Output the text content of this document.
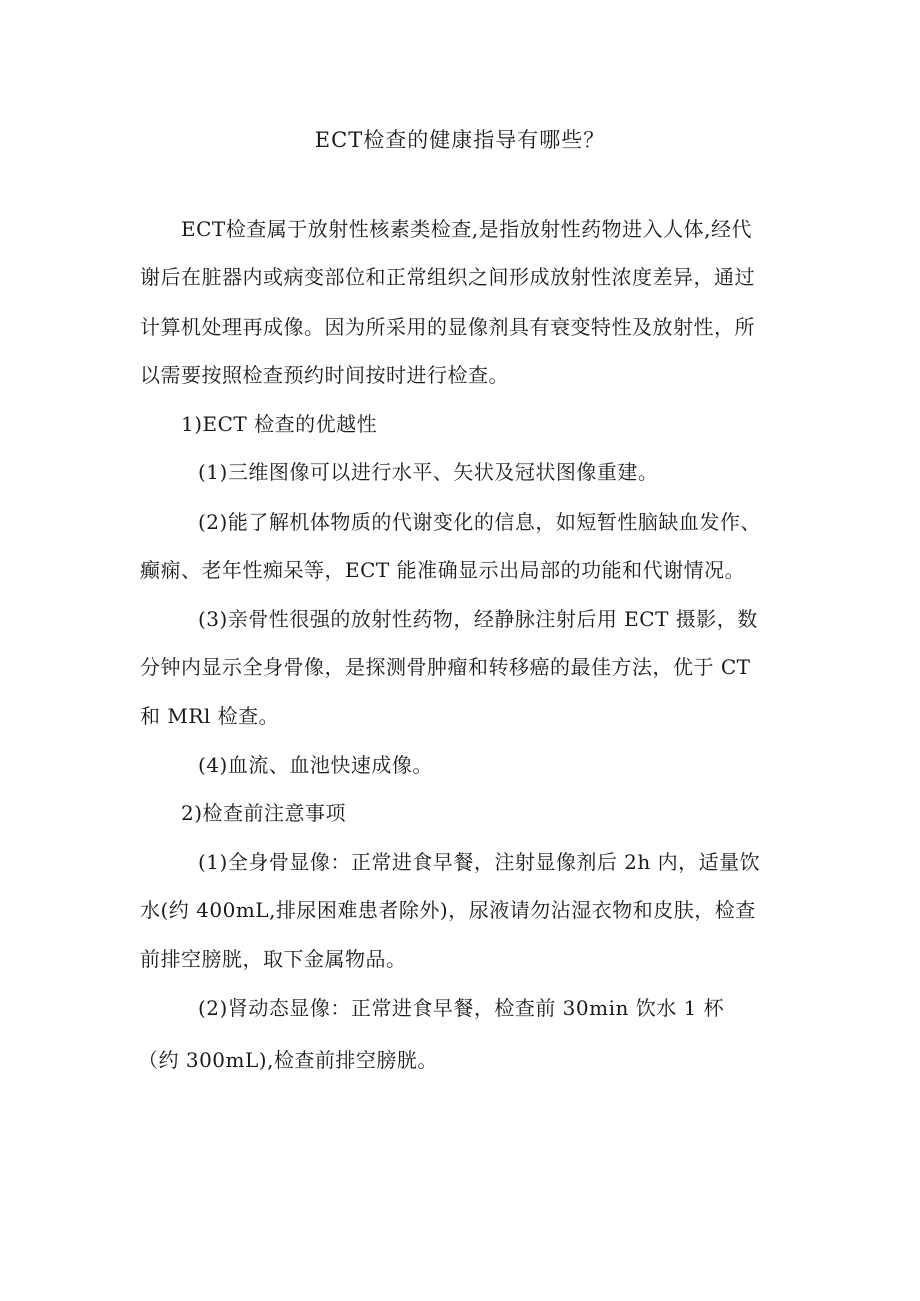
ECT检查的健康指导有哪些？
ECT检查属于放射性核素类检查,是指放射性药物进入人体,经代
谢后在脏器内或病变部位和正常组织之间形成放射性浓度差异，通过
计算机处理再成像。因为所采用的显像剂具有衰变特性及放射性，所
以需要按照检查预约时间按时进行检查。
1)ECT 检查的优越性
(1)三维图像可以进行水平、矢状及冠状图像重建。
(2)能了解机体物质的代谢变化的信息，如短暂性脑缺血发作、
癫痫、老年性痴呆等，ECT 能准确显示出局部的功能和代谢情况。
(3)亲骨性很强的放射性药物，经静脉注射后用 ECT 摄影，数
分钟内显示全身骨像，是探测骨肿瘤和转移癌的最佳方法，优于 CT
和 MRl 检查。
(4)血流、血池快速成像。
2)检查前注意事项
(1)全身骨显像：正常进食早餐，注射显像剂后 2h 内，适量饮
水(约 400mL,排尿困难患者除外)，尿液请勿沾湿衣物和皮肤，检查
前排空膀胱，取下金属物品。
(2)肾动态显像：正常进食早餐，检查前 30min 饮水 1 杯
（约 300mL),检查前排空膀胱。
